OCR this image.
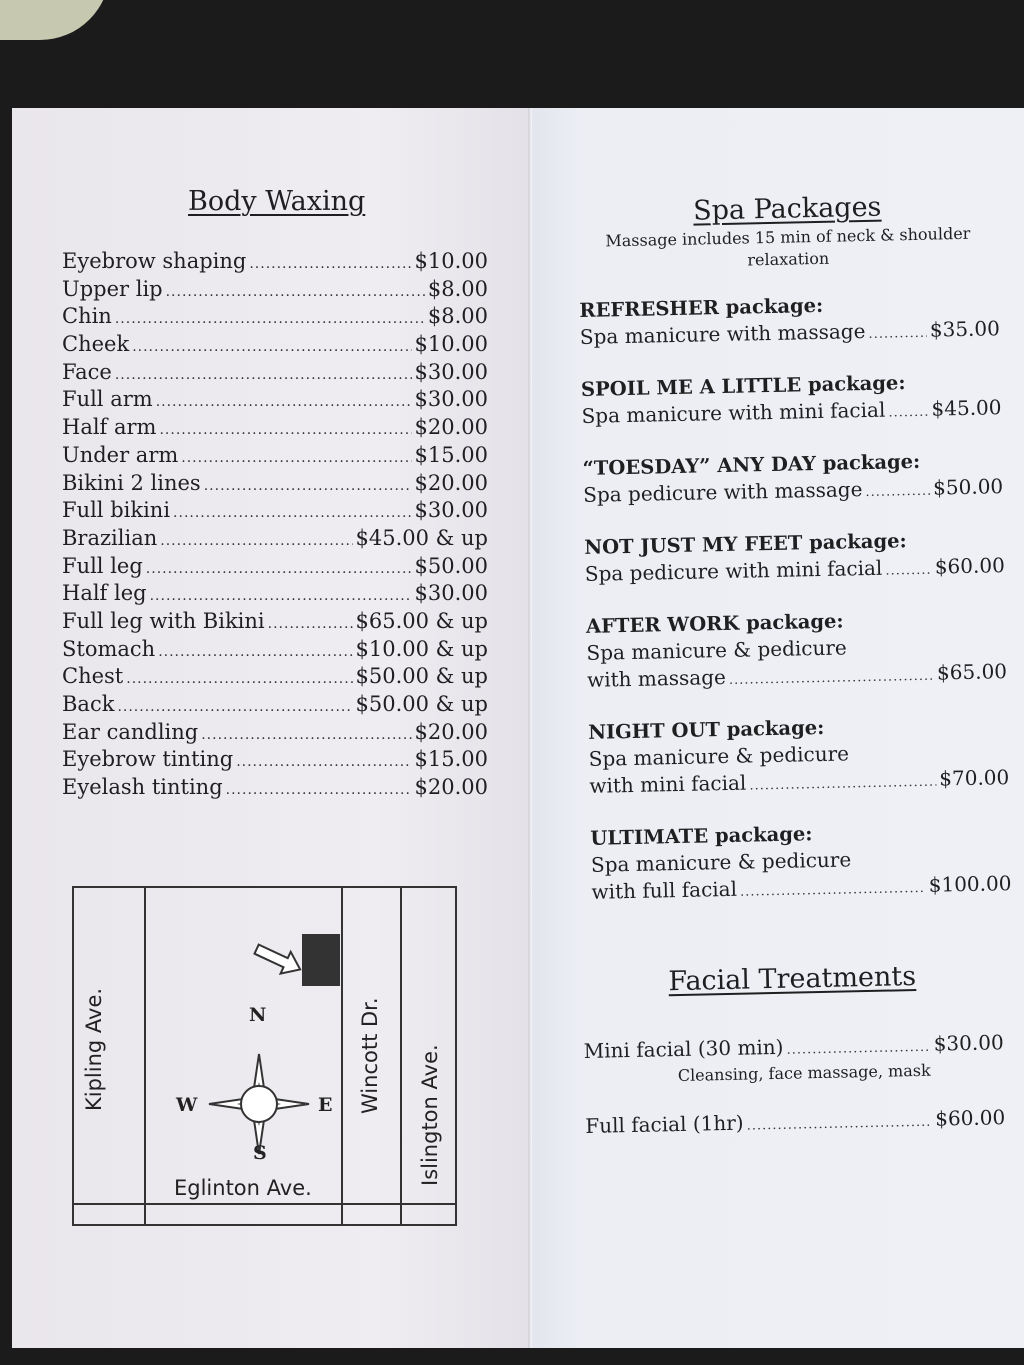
Body Waxing
Eyebrow shaping .....	$10.00
Upper lip .....	$8.00
Chin .....	$8.00
Cheek .....	$10.00
Face .....	$30.00
Full arm .....	$30.00
Half arm .....	$20.00
Under arm .....	$15.00
Bikini 2 lines .....	$20.00
Full bikini .....	$30.00
Brazilian .....	$45.00 & up
Full leg .....	$50.00
Half leg .....	$30.00
Full leg with Bikini .....	$65.00 & up
Stomach .....	$10.00 & up
Chest .....	$50.00 & up
Back .....	$50.00 & up
Ear candling .....	$20.00
Eyebrow tinting .....	$15.00
Eyelash tinting .....	$20.00
Kipling Ave.	Wincott Dr. Islington Ave.
Eglinton Ave.
N
S
W	E
Spa Packages
Massage includes 15 min of neck & shoulder
relaxation
REFRESHER package:
Spa manicure with massage .....	$35.00
SPOIL ME A LITTLE package:
Spa manicure with mini facial ..... $45.00
“TOESDAY” ANY DAY package:
Spa pedicure with massage .....	$50.00
NOT JUST MY FEET package:
Spa pedicure with mini facial .....	$60.00
AFTER WORK package:
Spa manicure & pedicure
with massage .....	$65.00
NIGHT OUT package:
Spa manicure & pedicure
with mini facial .....	$70.00
ULTIMATE package:
Spa manicure & pedicure
with full facial .....	$100.00
Facial Treatments
Mini facial (30 min) .....	$30.00
Cleansing, face massage, mask
Full facial (1hr) .....	$60.00
